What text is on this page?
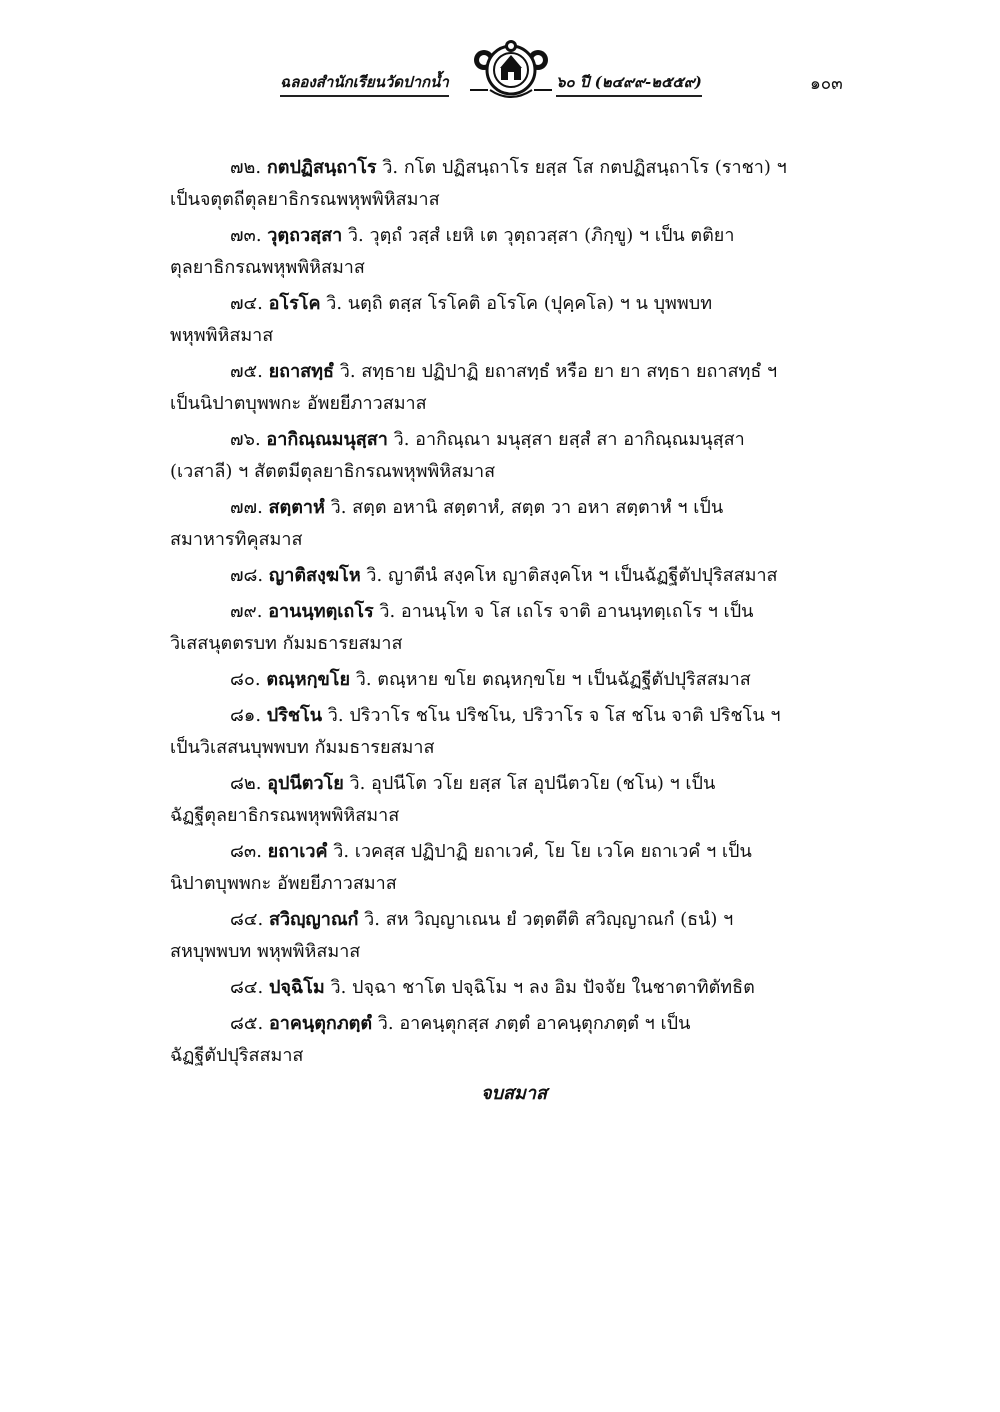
ฉลองสำนักเรียนวัดปากน้ำ	๖๐ ปี (๒๔๙๙-๒๕๕๙)	๑๐๓

๗๒. กตปฏิสนฺถาโร วิ. กโต ปฏิสนฺถาโร ยสฺส โส กตปฏิสนฺถาโร (ราชา) ฯ
เป็นจตุตถีตุลยาธิกรณพหุพพิหิสมาส

๗๓. วุตฺถวสฺสา วิ. วุตฺถํ วสฺสํ เยหิ เต วุตฺถวสฺสา (ภิกฺขู) ฯ เป็น ตติยา
ตุลยาธิกรณพหุพพิหิสมาส

๗๔. อโรโค วิ. นตฺถิ ตสฺส โรโคติ อโรโค (ปุคฺคโล) ฯ น บุพพบท
พหุพพิหิสมาส

๗๕. ยถาสทฺธํ วิ. สทฺธาย ปฏิปาฏิ ยถาสทฺธํ หรือ ยา ยา สทฺธา ยถาสทฺธํ ฯ
เป็นนิปาตบุพพกะ อัพยยีภาวสมาส

๗๖. อากิณฺณมนุสฺสา วิ. อากิณฺณา มนุสฺสา ยสฺสํ สา อากิณฺณมนุสฺสา
(เวสาลี) ฯ สัตตมีตุลยาธิกรณพหุพพิหิสมาส

๗๗. สตฺตาหํ วิ. สตฺต อหานิ สตฺตาหํ, สตฺต วา อหา สตฺตาหํ ฯ เป็น
สมาหารทิคุสมาส

๗๘. ญาติสงฺฆโห วิ. ญาตีนํ สงฺคโห ญาติสงฺคโห ฯ เป็นฉัฏฐีตัปปุริสสมาส

๗๙. อานนฺทตฺเถโร วิ. อานนฺโท จ โส เถโร จาติ อานนฺทตฺเถโร ฯ เป็น
วิเสสนุตตรบท กัมมธารยสมาส

๘๐. ตณฺหกฺขโย วิ. ตณฺหาย ขโย ตณฺหกฺขโย ฯ เป็นฉัฏฐีตัปปุริสสมาส

๘๑. ปริชโน วิ. ปริวาโร ชโน ปริชโน, ปริวาโร จ โส ชโน จาติ ปริชโน ฯ
เป็นวิเสสนบุพพบท กัมมธารยสมาส

๘๒. อุปนีตวโย วิ. อุปนีโต วโย ยสฺส โส อุปนีตวโย (ชโน) ฯ เป็น
ฉัฏฐีตุลยาธิกรณพหุพพิหิสมาส

๘๓. ยถาเวคํ วิ. เวคสฺส ปฏิปาฏิ ยถาเวคํ, โย โย เวโค ยถาเวคํ ฯ เป็น
นิปาตบุพพกะ อัพยยีภาวสมาส

๘๔. สวิญฺญาณกํ วิ. สห วิญฺญาเณน ยํ วตฺตตีติ สวิญฺญาณกํ (ธนํ) ฯ
สหบุพพบท พหุพพิหิสมาส

๘๔. ปจฺฉิโม วิ. ปจฺฉา ชาโต ปจฺฉิโม ฯ ลง อิม ปัจจัย ในชาตาทิตัทธิต

๘๕. อาคนฺตุกภตฺตํ วิ. อาคนฺตุกสฺส ภตฺตํ อาคนฺตุกภตฺตํ ฯ เป็น
ฉัฏฐีตัปปุริสสมาส

จบสมาส
